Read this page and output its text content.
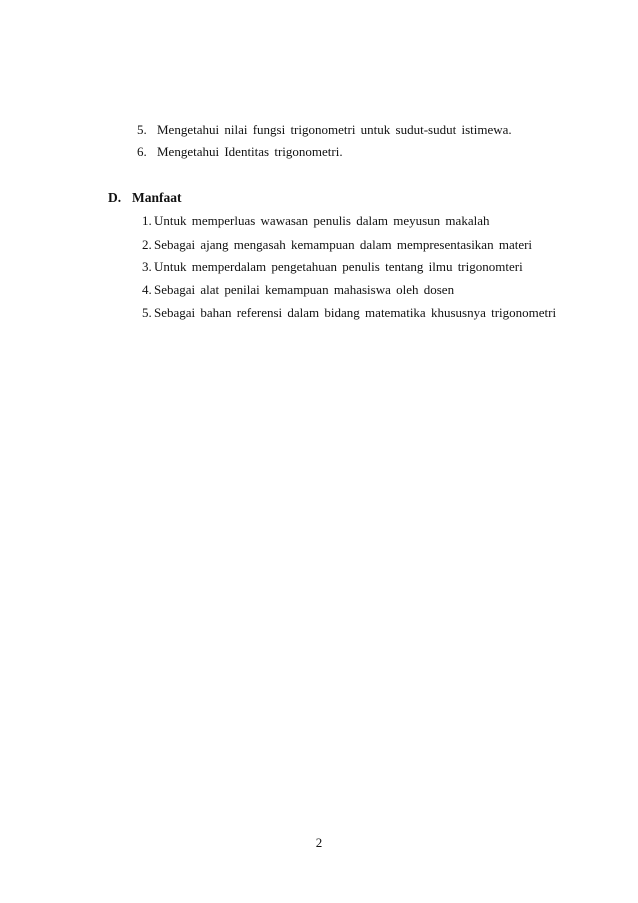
5. Mengetahui nilai fungsi trigonometri untuk sudut-sudut istimewa.
6. Mengetahui Identitas trigonometri.
D. Manfaat
1. Untuk memperluas wawasan penulis dalam meyusun makalah
2. Sebagai ajang mengasah kemampuan dalam mempresentasikan materi
3. Untuk memperdalam pengetahuan penulis tentang ilmu trigonomteri
4. Sebagai alat penilai kemampuan mahasiswa oleh dosen
5. Sebagai bahan referensi dalam bidang matematika khususnya trigonometri
2
